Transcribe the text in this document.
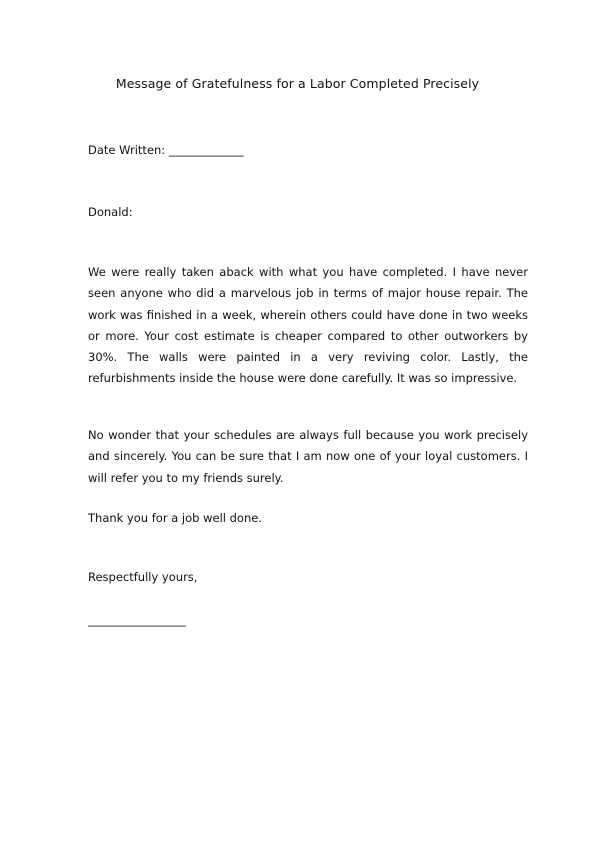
Message of Gratefulness for a Labor Completed Precisely
Date Written: _____________
Donald:
We were really taken aback with what you have completed. I have never seen anyone who did a marvelous job in terms of major house repair. The work was finished in a week, wherein others could have done in two weeks or more. Your cost estimate is cheaper compared to other outworkers by 30%. The walls were painted in a very reviving color. Lastly, the refurbishments inside the house were done carefully. It was so impressive.
No wonder that your schedules are always full because you work precisely and sincerely. You can be sure that I am now one of your loyal customers. I will refer you to my friends surely.
Thank you for a job well done.
Respectfully yours,
_________________
